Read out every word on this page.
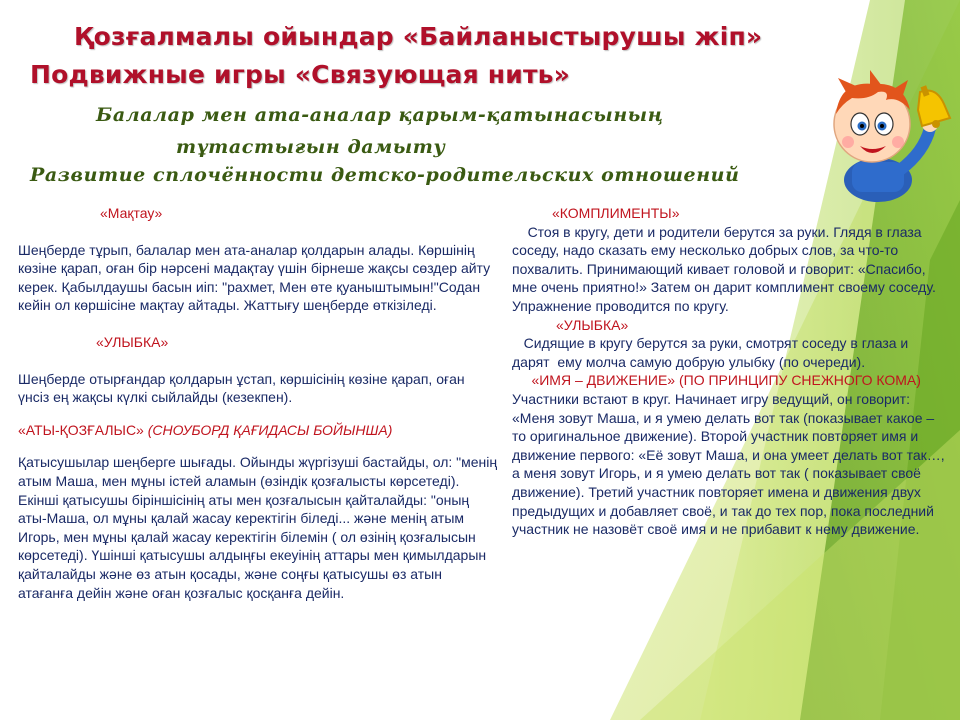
Қозғалмалы ойындар «Байланыстырушы жіп»
Подвижные игры «Связующая нить»
Балалар мен ата-аналар қарым-қатынасының
тұтастығын дамыту
Развитие сплочённости детско-родительских отношений

«Мақтау»

Шеңберде тұрып, балалар мен ата-аналар қолдарын алады. Көршінің көзіне қарап, оған бір нәрсені мадақтау үшін бірнеше жақсы сөздер айту керек. Қабылдаушы басын иіп: "рахмет, Мен өте қуаныштымын!"Содан кейін ол көршісіне мақтау айтады. Жаттығу шеңберде өткізіледі.

«УЛЫБКА»

Шеңберде отырғандар қолдарын ұстап, көршісінің көзіне қарап, оған үнсіз ең жақсы күлкі сыйлайды (кезекпен).

«АТЫ-ҚОЗҒАЛЫС» (СНОУБОРД ҚАҒИДАСЫ БОЙЫНША)

Қатысушылар шеңберге шығады. Ойынды жүргізуші бастайды, ол: "менің атым Маша, мен мұны істей аламын (өзіндік қозғалысты көрсетеді). Екінші қатысушы біріншісінің аты мен қозғалысын қайталайды: "оның аты-Маша, ол мұны қалай жасау керектігін біледі... және менің атым Игорь, мен мұны қалай жасау керектігін білемін ( ол өзінің қозғалысын көрсетеді). Үшінші қатысушы алдыңғы екеуінің аттары мен қимылдарын қайталайды және өз атын қосады, және соңғы қатысушы өз атын атағанға дейін және оған қозғалыс қосқанға дейін.

«КОМПЛИМЕНТЫ»

Стоя в кругу, дети и родители берутся за руки. Глядя в глаза соседу, надо сказать ему несколько добрых слов, за что-то похвалить. Принимающий кивает головой и говорит: «Спасибо, мне очень приятно!» Затем он дарит комплимент своему соседу. Упражнение проводится по кругу.

«УЛЫБКА»

Сидящие в кругу берутся за руки, смотрят соседу в глаза и дарят  ему молча самую добрую улыбку (по очереди).

«ИМЯ – ДВИЖЕНИЕ» (ПО ПРИНЦИПУ СНЕЖНОГО КОМА)

Участники встают в круг. Начинает игру ведущий, он говорит: «Меня зовут Маша, и я умею делать вот так (показывает какое – то оригинальное движение). Второй участник повторяет имя и движение первого: «Её зовут Маша, и она умеет делать вот так…, а меня зовут Игорь, и я умею делать вот так ( показывает своё движение). Третий участник повторяет имена и движения двух предыдущих и добавляет своё, и так до тех пор, пока последний участник не назовёт своё имя и не прибавит к нему движение.
